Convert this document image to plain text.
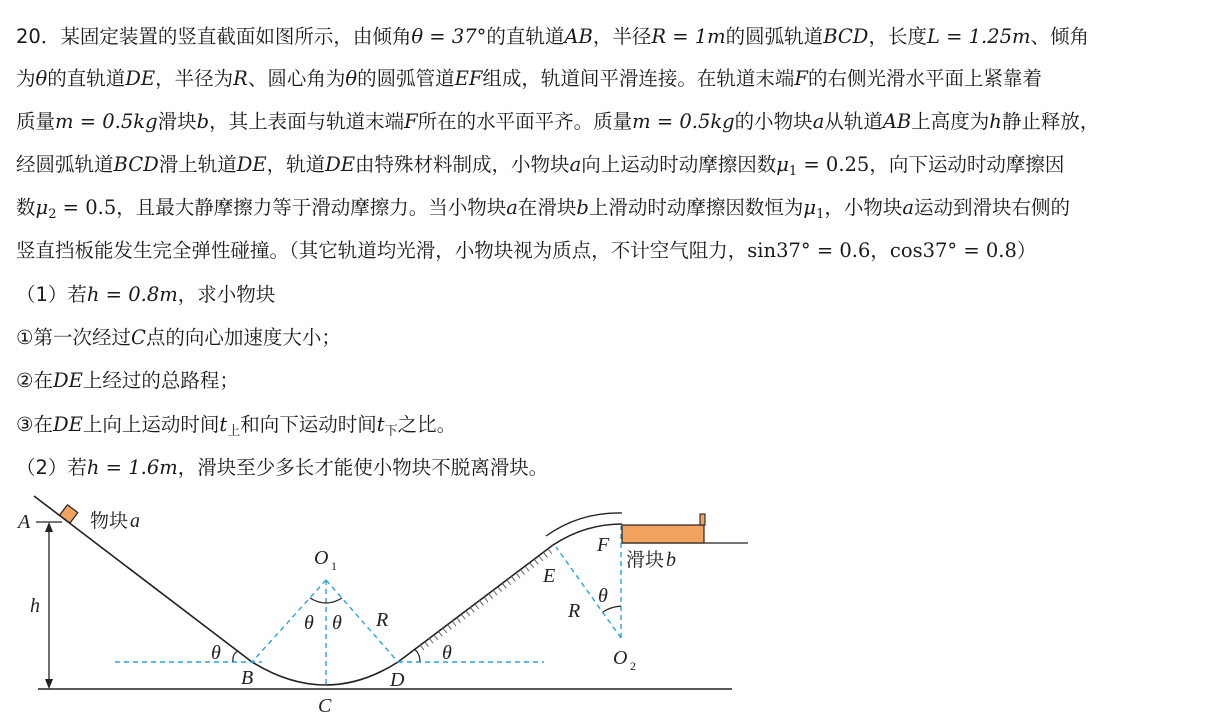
20．某固定装置的竖直截面如图所示，由倾角θ = 37°的直轨道AB，半径R = 1m的圆弧轨道BCD，长度L = 1.25m、倾角
为θ的直轨道DE，半径为R、圆心角为θ的圆弧管道EF组成，轨道间平滑连接。在轨道末端F的右侧光滑水平面上紧靠着
质量m = 0.5kg滑块b，其上表面与轨道末端F所在的水平面平齐。质量m = 0.5kg的小物块a从轨道AB上高度为h静止释放，
经圆弧轨道BCD滑上轨道DE，轨道DE由特殊材料制成，小物块a向上运动时动摩擦因数$\mu_1 = 0.25$，向下运动时动摩擦因
数$\mu_2 = 0.5$，且最大静摩擦力等于滑动摩擦力。当小物块a在滑块b上滑动时动摩擦因数恒为$\mu_1$，小物块a运动到滑块右侧的
竖直挡板能发生完全弹性碰撞。（其它轨道均光滑，小物块视为质点，不计空气阻力，sin37° = 0.6，cos37° = 0.8）
（1）若h = 0.8m，求小物块
①第一次经过C点的向心加速度大小；
②在DE上经过的总路程；
③在DE上向上运动时间$t_上$和向下运动时间$t_下$之比。
（2）若h = 1.6m，滑块至少多长才能使小物块不脱离滑块。
A	物块 a
h
B
C
D
E
F
O 1
O 2
R	R
θ
θ θ
θ
θ
滑块 b
